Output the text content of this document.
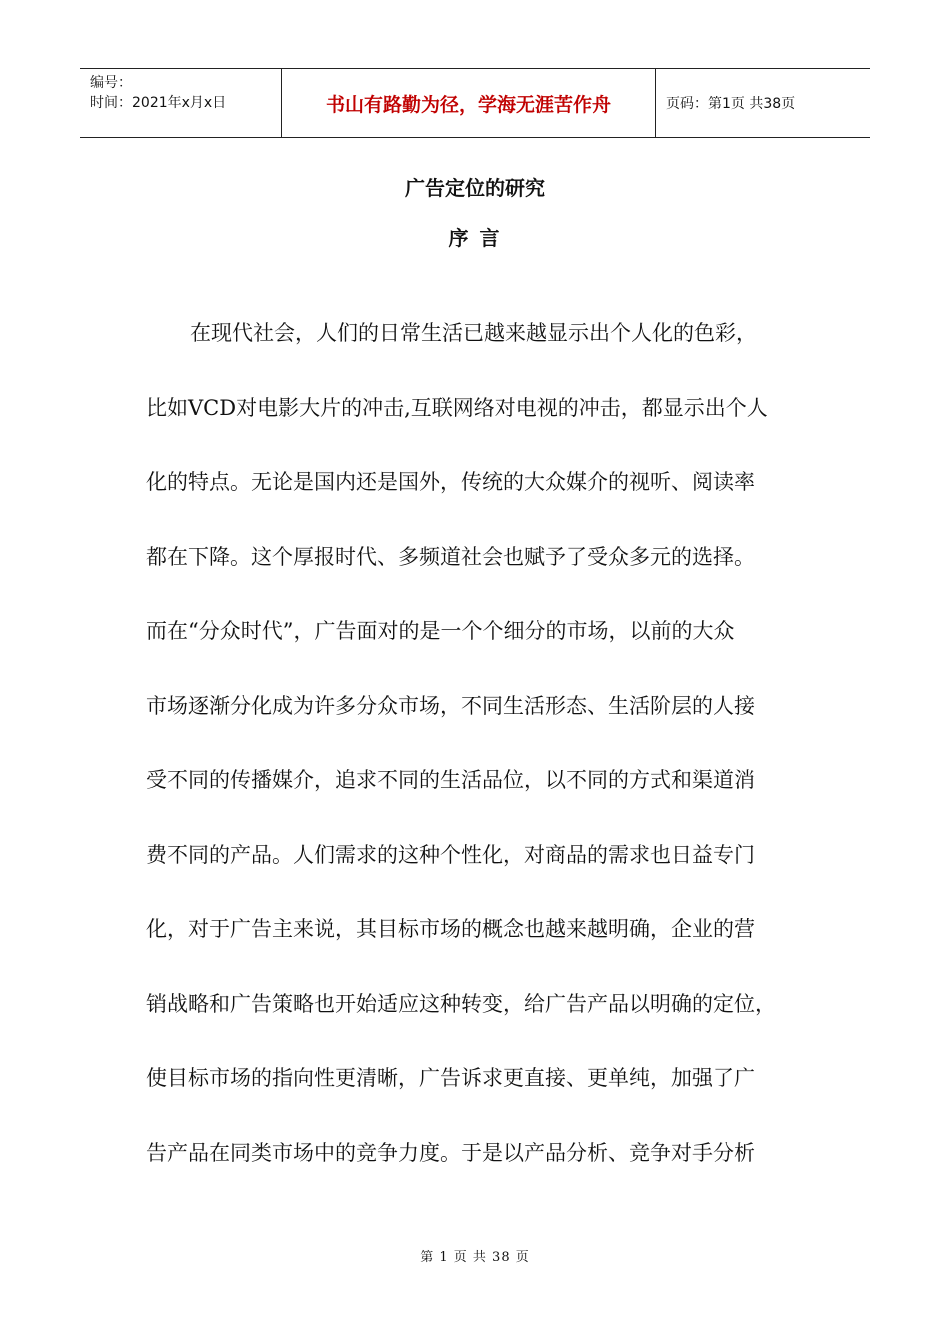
编号：
时间：2021年x月x日	书山有路勤为径，学海无涯苦作舟	页码：第1页 共38页
广告定位的研究
序 言
在现代社会，人们的日常生活已越来越显示出个人化的色彩，
比如VCD对电影大片的冲击,互联网络对电视的冲击，都显示出个人
化的特点。无论是国内还是国外，传统的大众媒介的视听、阅读率
都在下降。这个厚报时代、多频道社会也赋予了受众多元的选择。
而在“分众时代”，广告面对的是一个个细分的市场，以前的大众
市场逐渐分化成为许多分众市场，不同生活形态、生活阶层的人接
受不同的传播媒介，追求不同的生活品位，以不同的方式和渠道消
费不同的产品。人们需求的这种个性化，对商品的需求也日益专门
化，对于广告主来说，其目标市场的概念也越来越明确，企业的营
销战略和广告策略也开始适应这种转变，给广告产品以明确的定位，
使目标市场的指向性更清晰，广告诉求更直接、更单纯，加强了广
告产品在同类市场中的竞争力度。于是以产品分析、竞争对手分析
第 1 页 共 38 页
